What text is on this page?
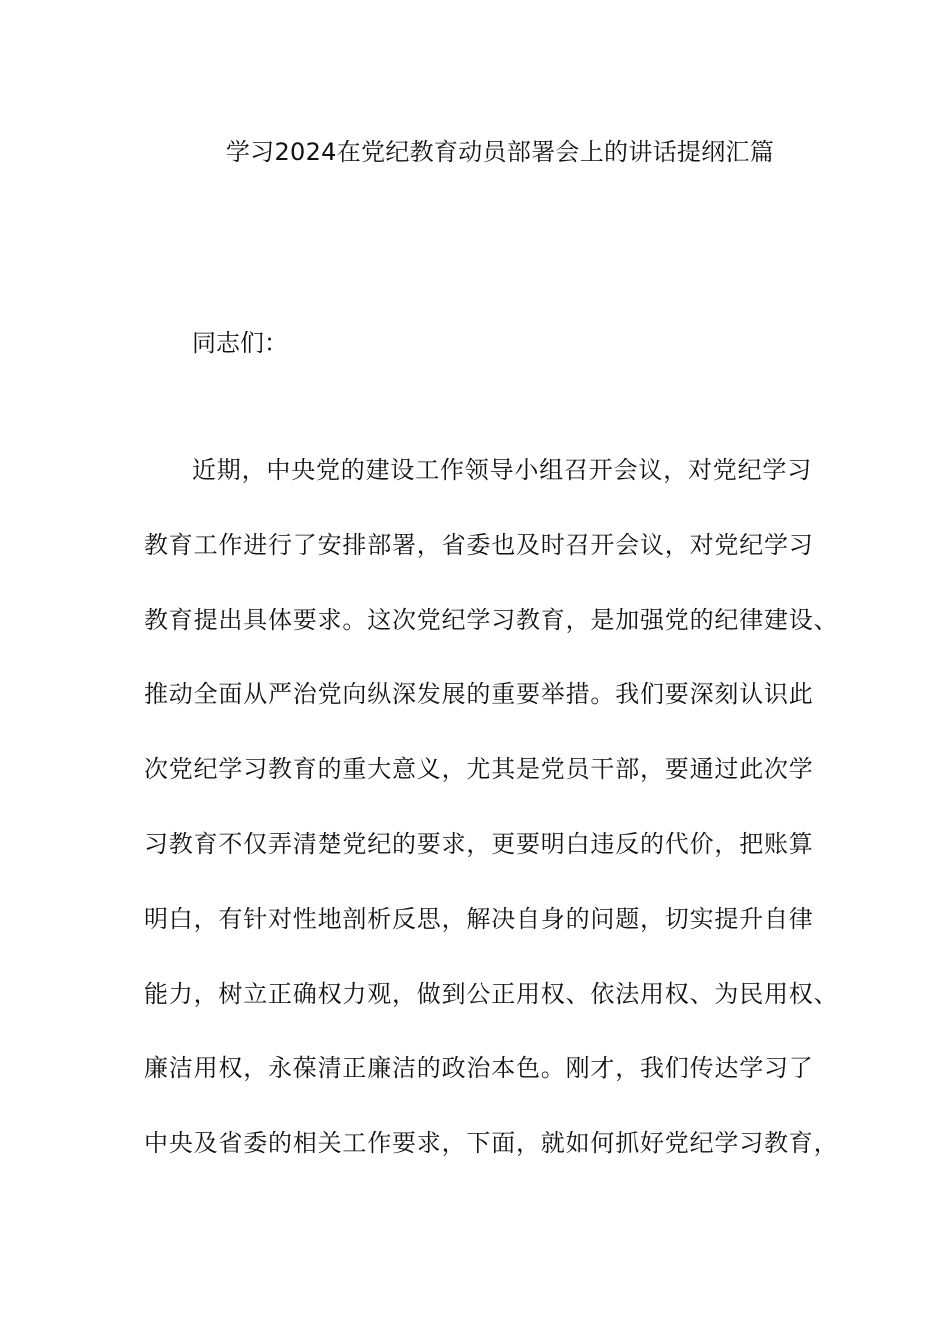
学习2024在党纪教育动员部署会上的讲话提纲汇篇
同志们：
近期，中央党的建设工作领导小组召开会议，对党纪学习
教育工作进行了安排部署，省委也及时召开会议，对党纪学习
教育提出具体要求。这次党纪学习教育，是加强党的纪律建设、
推动全面从严治党向纵深发展的重要举措。我们要深刻认识此
次党纪学习教育的重大意义，尤其是党员干部，要通过此次学
习教育不仅弄清楚党纪的要求，更要明白违反的代价，把账算
明白，有针对性地剖析反思，解决自身的问题，切实提升自律
能力，树立正确权力观，做到公正用权、依法用权、为民用权、
廉洁用权，永葆清正廉洁的政治本色。刚才，我们传达学习了
中央及省委的相关工作要求，下面，就如何抓好党纪学习教育，
